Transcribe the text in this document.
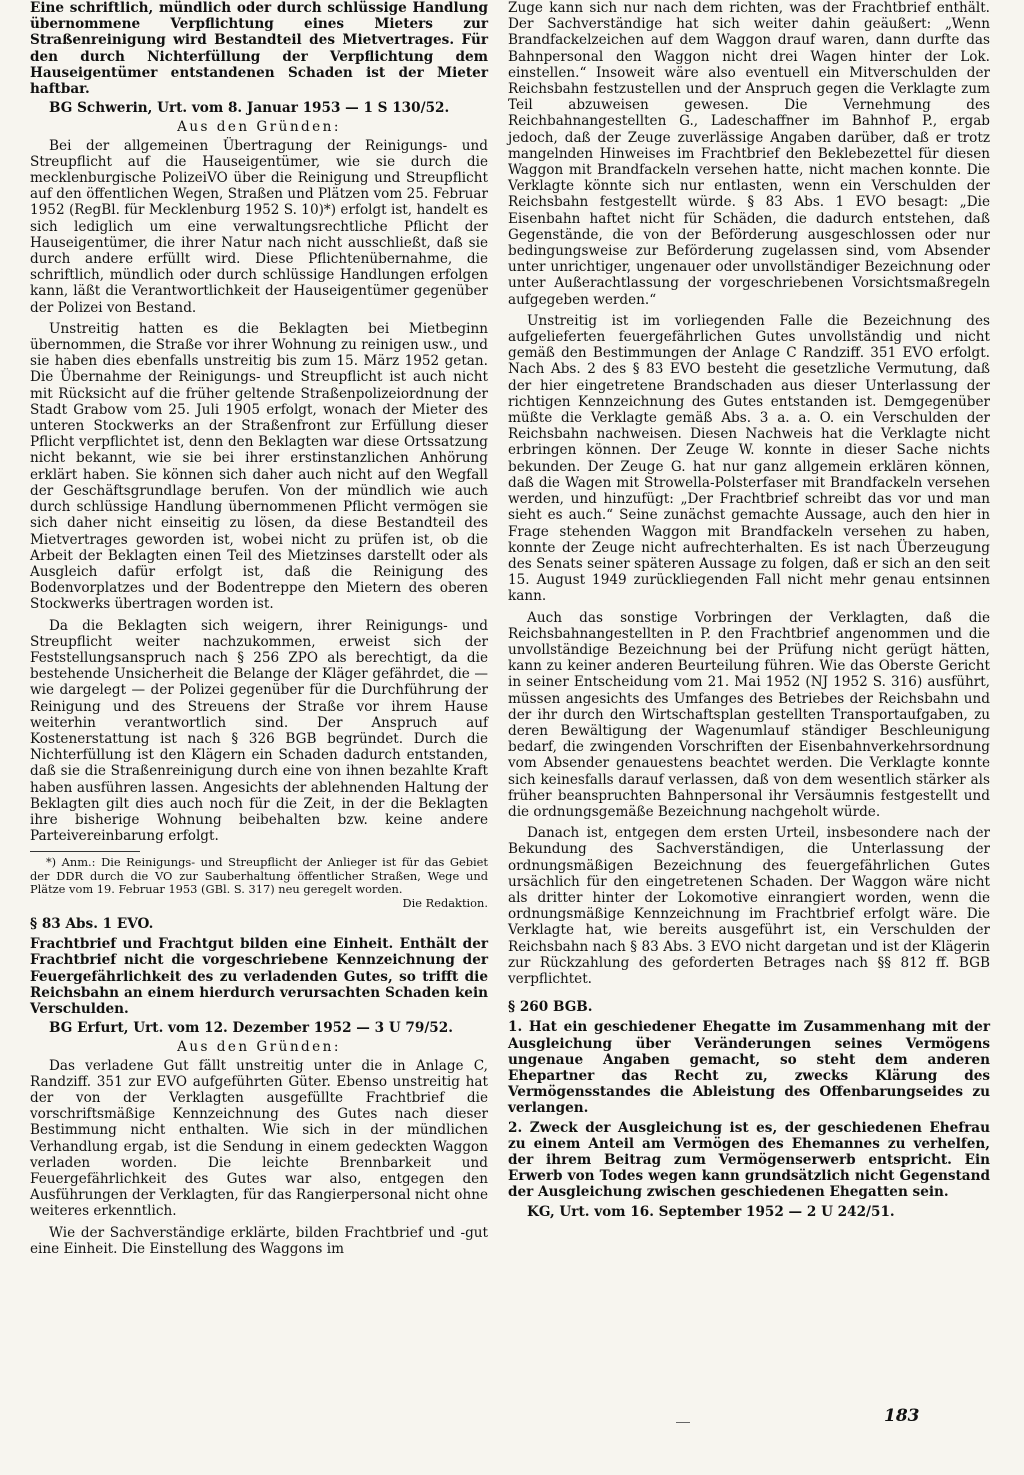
Eine schriftlich, mündlich oder durch schlüssige Handlung übernommene Verpflichtung eines Mieters zur Straßenreinigung wird Bestandteil des Mietvertrages. Für den durch Nichterfüllung der Verpflichtung dem Hauseigentümer entstandenen Schaden ist der Mieter haftbar.

BG Schwerin, Urt. vom 8. Januar 1953 — 1 S 130/52.

Aus den Gründen:

Bei der allgemeinen Übertragung der Reinigungs- und Streupflicht auf die Hauseigentümer, wie sie durch die mecklenburgische PolizeiVO über die Reinigung und Streupflicht auf den öffentlichen Wegen, Straßen und Plätzen vom 25. Februar 1952 (RegBl. für Mecklenburg 1952 S. 10)*) erfolgt ist, handelt es sich lediglich um eine verwaltungsrechtliche Pflicht der Hauseigentümer, die ihrer Natur nach nicht ausschließt, daß sie durch andere erfüllt wird. Diese Pflichtenübernahme, die schriftlich, mündlich oder durch schlüssige Handlungen erfolgen kann, läßt die Verantwortlichkeit der Hauseigentümer gegenüber der Polizei von Bestand.

Unstreitig hatten es die Beklagten bei Mietbeginn übernommen, die Straße vor ihrer Wohnung zu reinigen usw., und sie haben dies ebenfalls unstreitig bis zum 15. März 1952 getan. Die Übernahme der Reinigungs- und Streupflicht ist auch nicht mit Rücksicht auf die früher geltende Straßenpolizeiordnung der Stadt Grabow vom 25. Juli 1905 erfolgt, wonach der Mieter des unteren Stockwerks an der Straßenfront zur Erfüllung dieser Pflicht verpflichtet ist, denn den Beklagten war diese Ortssatzung nicht bekannt, wie sie bei ihrer erstinstanzlichen Anhörung erklärt haben. Sie können sich daher auch nicht auf den Wegfall der Geschäftsgrundlage berufen. Von der mündlich wie auch durch schlüssige Handlung übernommenen Pflicht vermögen sie sich daher nicht einseitig zu lösen, da diese Bestandteil des Mietvertrages geworden ist, wobei nicht zu prüfen ist, ob die Arbeit der Beklagten einen Teil des Mietzinses darstellt oder als Ausgleich dafür erfolgt ist, daß die Reinigung des Bodenvorplatzes und der Bodentreppe den Mietern des oberen Stockwerks übertragen worden ist.

Da die Beklagten sich weigern, ihrer Reinigungs- und Streupflicht weiter nachzukommen, erweist sich der Feststellungsanspruch nach § 256 ZPO als berechtigt, da die bestehende Unsicherheit die Belange der Kläger gefährdet, die — wie dargelegt — der Polizei gegenüber für die Durchführung der Reinigung und des Streuens der Straße vor ihrem Hause weiterhin verantwortlich sind. Der Anspruch auf Kostenerstattung ist nach § 326 BGB begründet. Durch die Nichterfüllung ist den Klägern ein Schaden dadurch entstanden, daß sie die Straßenreinigung durch eine von ihnen bezahlte Kraft haben ausführen lassen. Angesichts der ablehnenden Haltung der Beklagten gilt dies auch noch für die Zeit, in der die Beklagten ihre bisherige Wohnung beibehalten bzw. keine andere Parteivereinbarung erfolgt.

*) Anm.: Die Reinigungs- und Streupflicht der Anlieger ist für das Gebiet der DDR durch die VO zur Sauberhaltung öffentlicher Straßen, Wege und Plätze vom 19. Februar 1953 (GBl. S. 317) neu geregelt worden.
Die Redaktion.

§ 83 Abs. 1 EVO.

Frachtbrief und Frachtgut bilden eine Einheit. Enthält der Frachtbrief nicht die vorgeschriebene Kennzeichnung der Feuergefährlichkeit des zu verladenden Gutes, so trifft die Reichsbahn an einem hierdurch verursachten Schaden kein Verschulden.

BG Erfurt, Urt. vom 12. Dezember 1952 — 3 U 79/52.

Aus den Gründen:

Das verladene Gut fällt unstreitig unter die in Anlage C, Randziff. 351 zur EVO aufgeführten Güter. Ebenso unstreitig hat der von der Verklagten ausgefüllte Frachtbrief die vorschriftsmäßige Kennzeichnung des Gutes nach dieser Bestimmung nicht enthalten. Wie sich in der mündlichen Verhandlung ergab, ist die Sendung in einem gedeckten Waggon verladen worden. Die leichte Brennbarkeit und Feuergefährlichkeit des Gutes war also, entgegen den Ausführungen der Verklagten, für das Rangierpersonal nicht ohne weiteres erkenntlich.

Wie der Sachverständige erklärte, bilden Frachtbrief und -gut eine Einheit. Die Einstellung des Waggons im

Zuge kann sich nur nach dem richten, was der Frachtbrief enthält. Der Sachverständige hat sich weiter dahin geäußert: „Wenn Brandfackelzeichen auf dem Waggon drauf waren, dann durfte das Bahnpersonal den Waggon nicht drei Wagen hinter der Lok. einstellen.“ Insoweit wäre also eventuell ein Mitverschulden der Reichsbahn festzustellen und der Anspruch gegen die Verklagte zum Teil abzuweisen gewesen. Die Vernehmung des Reichbahnangestellten G., Ladeschaffner im Bahnhof P., ergab jedoch, daß der Zeuge zuverlässige Angaben darüber, daß er trotz mangelnden Hinweises im Frachtbrief den Beklebezettel für diesen Waggon mit Brandfackeln versehen hatte, nicht machen konnte. Die Verklagte könnte sich nur entlasten, wenn ein Verschulden der Reichsbahn festgestellt würde. § 83 Abs. 1 EVO besagt: „Die Eisenbahn haftet nicht für Schäden, die dadurch entstehen, daß Gegenstände, die von der Beförderung ausgeschlossen oder nur bedingungsweise zur Beförderung zugelassen sind, vom Absender unter unrichtiger, ungenauer oder unvollständiger Bezeichnung oder unter Außerachtlassung der vorgeschriebenen Vorsichtsmaßregeln aufgegeben werden.“

Unstreitig ist im vorliegenden Falle die Bezeichnung des aufgelieferten feuergefährlichen Gutes unvollständig und nicht gemäß den Bestimmungen der Anlage C Randziff. 351 EVO erfolgt. Nach Abs. 2 des § 83 EVO besteht die gesetzliche Vermutung, daß der hier eingetretene Brandschaden aus dieser Unterlassung der richtigen Kennzeichnung des Gutes entstanden ist. Demgegenüber müßte die Verklagte gemäß Abs. 3 a. a. O. ein Verschulden der Reichsbahn nachweisen. Diesen Nachweis hat die Verklagte nicht erbringen können. Der Zeuge W. konnte in dieser Sache nichts bekunden. Der Zeuge G. hat nur ganz allgemein erklären können, daß die Wagen mit Strowella-Polsterfaser mit Brandfackeln versehen werden, und hinzufügt: „Der Frachtbrief schreibt das vor und man sieht es auch.“ Seine zunächst gemachte Aussage, auch den hier in Frage stehenden Waggon mit Brandfackeln versehen zu haben, konnte der Zeuge nicht aufrechterhalten. Es ist nach Überzeugung des Senats seiner späteren Aussage zu folgen, daß er sich an den seit 15. August 1949 zurückliegenden Fall nicht mehr genau entsinnen kann.

Auch das sonstige Vorbringen der Verklagten, daß die Reichsbahnangestellten in P. den Frachtbrief angenommen und die unvollständige Bezeichnung bei der Prüfung nicht gerügt hätten, kann zu keiner anderen Beurteilung führen. Wie das Oberste Gericht in seiner Entscheidung vom 21. Mai 1952 (NJ 1952 S. 316) ausführt, müssen angesichts des Umfanges des Betriebes der Reichsbahn und der ihr durch den Wirtschaftsplan gestellten Transportaufgaben, zu deren Bewältigung der Wagenumlauf ständiger Beschleunigung bedarf, die zwingenden Vorschriften der Eisenbahnverkehrsordnung vom Absender genauestens beachtet werden. Die Verklagte konnte sich keinesfalls darauf verlassen, daß von dem wesentlich stärker als früher beanspruchten Bahnpersonal ihr Versäumnis festgestellt und die ordnungsgemäße Bezeichnung nachgeholt würde.

Danach ist, entgegen dem ersten Urteil, insbesondere nach der Bekundung des Sachverständigen, die Unterlassung der ordnungsmäßigen Bezeichnung des feuergefährlichen Gutes ursächlich für den eingetretenen Schaden. Der Waggon wäre nicht als dritter hinter der Lokomotive einrangiert worden, wenn die ordnungsmäßige Kennzeichnung im Frachtbrief erfolgt wäre. Die Verklagte hat, wie bereits ausgeführt ist, ein Verschulden der Reichsbahn nach § 83 Abs. 3 EVO nicht dargetan und ist der Klägerin zur Rückzahlung des geforderten Betrages nach §§ 812 ff. BGB verpflichtet.

§ 260 BGB.

1. Hat ein geschiedener Ehegatte im Zusammenhang mit der Ausgleichung über Veränderungen seines Vermögens ungenaue Angaben gemacht, so steht dem anderen Ehepartner das Recht zu, zwecks Klärung des Vermögensstandes die Ableistung des Offenbarungseides zu verlangen.

2. Zweck der Ausgleichung ist es, der geschiedenen Ehefrau zu einem Anteil am Vermögen des Ehemannes zu verhelfen, der ihrem Beitrag zum Vermögenserwerb entspricht. Ein Erwerb von Todes wegen kann grundsätzlich nicht Gegenstand der Ausgleichung zwischen geschiedenen Ehegatten sein.

KG, Urt. vom 16. September 1952 — 2 U 242/51.

183
